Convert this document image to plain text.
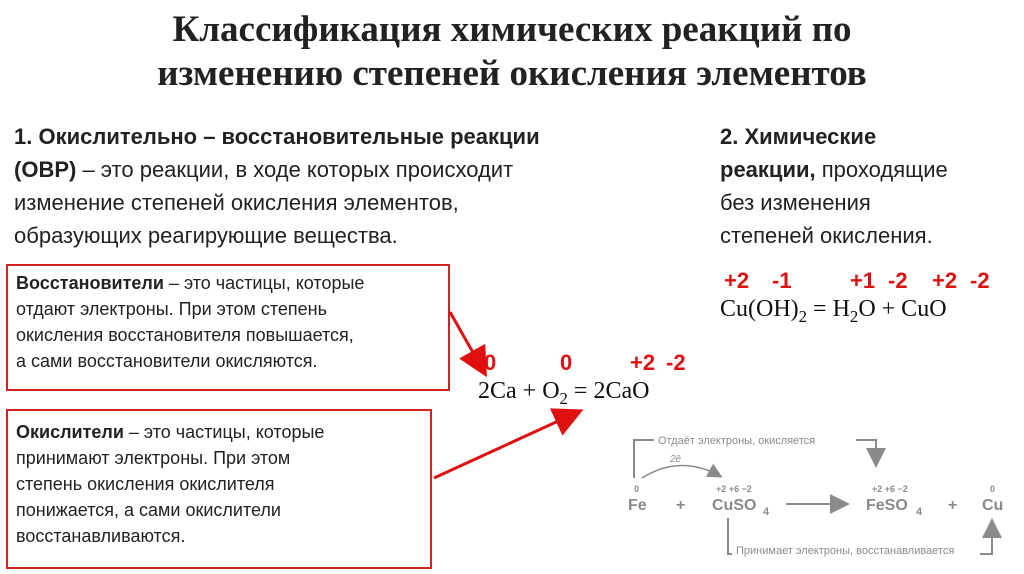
Классификация химических реакций по
изменению степеней окисления элементов
1. Окислительно – восстановительные реакции
(ОВР) – это реакции, в ходе которых происходит
изменение степеней окисления элементов,
образующих реагирующие вещества.
2. Химические
реакции, проходящие
без изменения
степеней окисления.
+2 -1	+1 -2 +2 -2
$Cu(OH)_2 = H_2O$ + CuO
Восстановители – это частицы, которые
отдают электроны. При этом степень
окисления восстановителя повышается,
а сами восстановители окисляются.
Окислители – это частицы, которые
принимают электроны. При этом
степень окисления окислителя
понижается, а сами окислители
восстанавливаются.
0	0	+2 -2
$2Ca + O_2 = 2CaO$
Отдаёт электроны, окисляется
2ē
0	+2 +6 −2	+2 +6 −2	0
Fe + CuSO 4	FeSO 4 + Cu
Принимает электроны, восстанавливается
